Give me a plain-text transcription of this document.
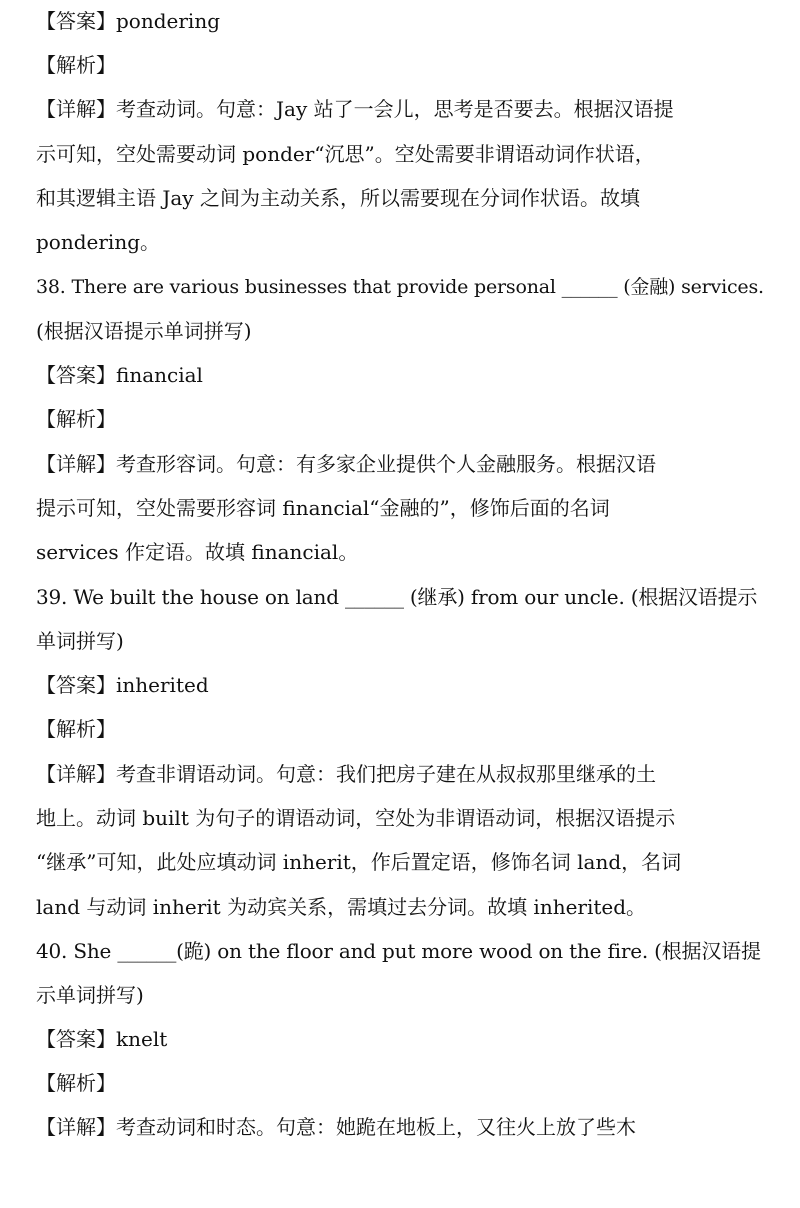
【答案】pondering
【解析】
【详解】考查动词。句意：Jay 站了一会儿，思考是否要去。根据汉语提
示可知，空处需要动词 ponder“沉思”。空处需要非谓语动词作状语，
和其逻辑主语 Jay 之间为主动关系，所以需要现在分词作状语。故填
pondering。
38. There are various businesses that provide personal ______ (金融) services.
(根据汉语提示单词拼写)
【答案】financial
【解析】
【详解】考查形容词。句意：有多家企业提供个人金融服务。根据汉语
提示可知，空处需要形容词 financial“金融的”，修饰后面的名词
services 作定语。故填 financial。
39. We built the house on land ______ (继承) from our uncle. (根据汉语提示
单词拼写)
【答案】inherited
【解析】
【详解】考查非谓语动词。句意：我们把房子建在从叔叔那里继承的土
地上。动词 built 为句子的谓语动词，空处为非谓语动词，根据汉语提示
“继承”可知，此处应填动词 inherit，作后置定语，修饰名词 land，名词
land 与动词 inherit 为动宾关系，需填过去分词。故填 inherited。
40. She ______(跪) on the floor and put more wood on the fire. (根据汉语提
示单词拼写)
【答案】knelt
【解析】
【详解】考查动词和时态。句意：她跪在地板上，又往火上放了些木
